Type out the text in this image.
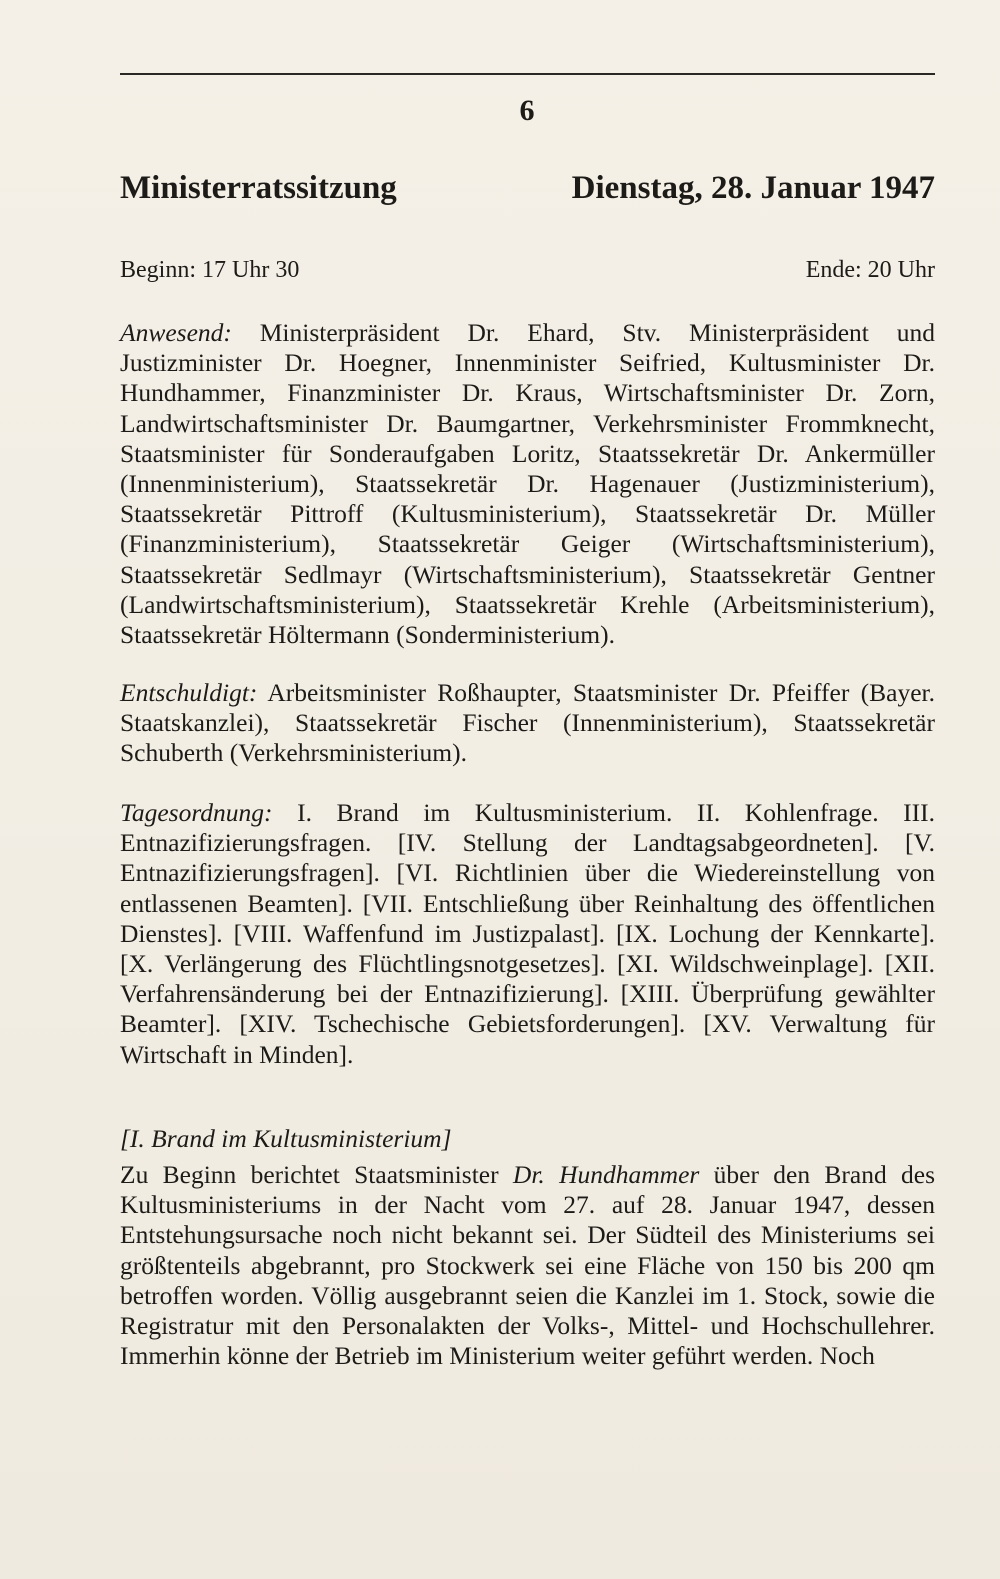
6
Ministerratssitzung	Dienstag, 28. Januar 1947
Beginn: 17 Uhr 30	Ende: 20 Uhr

Anwesend: Ministerpräsident Dr. Ehard, Stv. Ministerpräsident und Justizminister Dr. Hoegner, Innenminister Seifried, Kultusminister Dr. Hundhammer, Finanzminister Dr. Kraus, Wirtschaftsminister Dr. Zorn, Landwirtschaftsminister Dr. Baumgartner, Verkehrsminister Frommknecht, Staatsminister für Sonderaufgaben Loritz, Staatssekretär Dr. Ankermüller (Innenministerium), Staatssekretär Dr. Hagenauer (Justizministerium), Staatssekretär Pittroff (Kultusministerium), Staatssekretär Dr. Müller (Finanzministerium), Staatssekretär Geiger (Wirtschaftsministerium), Staatssekretär Sedlmayr (Wirtschaftsministerium), Staatssekretär Gentner (Landwirtschaftsministerium), Staatssekretär Krehle (Arbeitsministerium), Staatssekretär Höltermann (Sonderministerium).

Entschuldigt: Arbeitsminister Roßhaupter, Staatsminister Dr. Pfeiffer (Bayer. Staatskanzlei), Staatssekretär Fischer (Innenministerium), Staatssekretär Schuberth (Verkehrsministerium).

Tagesordnung: I. Brand im Kultusministerium. II. Kohlenfrage. III. Entnazifizierungsfragen. [IV. Stellung der Landtagsabgeordneten]. [V. Entnazifizierungsfragen]. [VI. Richtlinien über die Wiedereinstellung von entlassenen Beamten]. [VII. Entschließung über Reinhaltung des öffentlichen Dienstes]. [VIII. Waffenfund im Justizpalast]. [IX. Lochung der Kennkarte]. [X. Verlängerung des Flüchtlingsnotgesetzes]. [XI. Wildschweinplage]. [XII. Verfahrensänderung bei der Entnazifizierung]. [XIII. Überprüfung gewählter Beamter]. [XIV. Tschechische Gebietsforderungen]. [XV. Verwaltung für Wirtschaft in Minden].

[I. Brand im Kultusministerium]

Zu Beginn berichtet Staatsminister Dr. Hundhammer über den Brand des Kultusministeriums in der Nacht vom 27. auf 28. Januar 1947, dessen Entstehungsursache noch nicht bekannt sei. Der Südteil des Ministeriums sei größtenteils abgebrannt, pro Stockwerk sei eine Fläche von 150 bis 200 qm betroffen worden. Völlig ausgebrannt seien die Kanzlei im 1. Stock, sowie die Registratur mit den Personalakten der Volks-, Mittel- und Hochschullehrer. Immerhin könne der Betrieb im Ministerium weiter geführt werden. Noch
